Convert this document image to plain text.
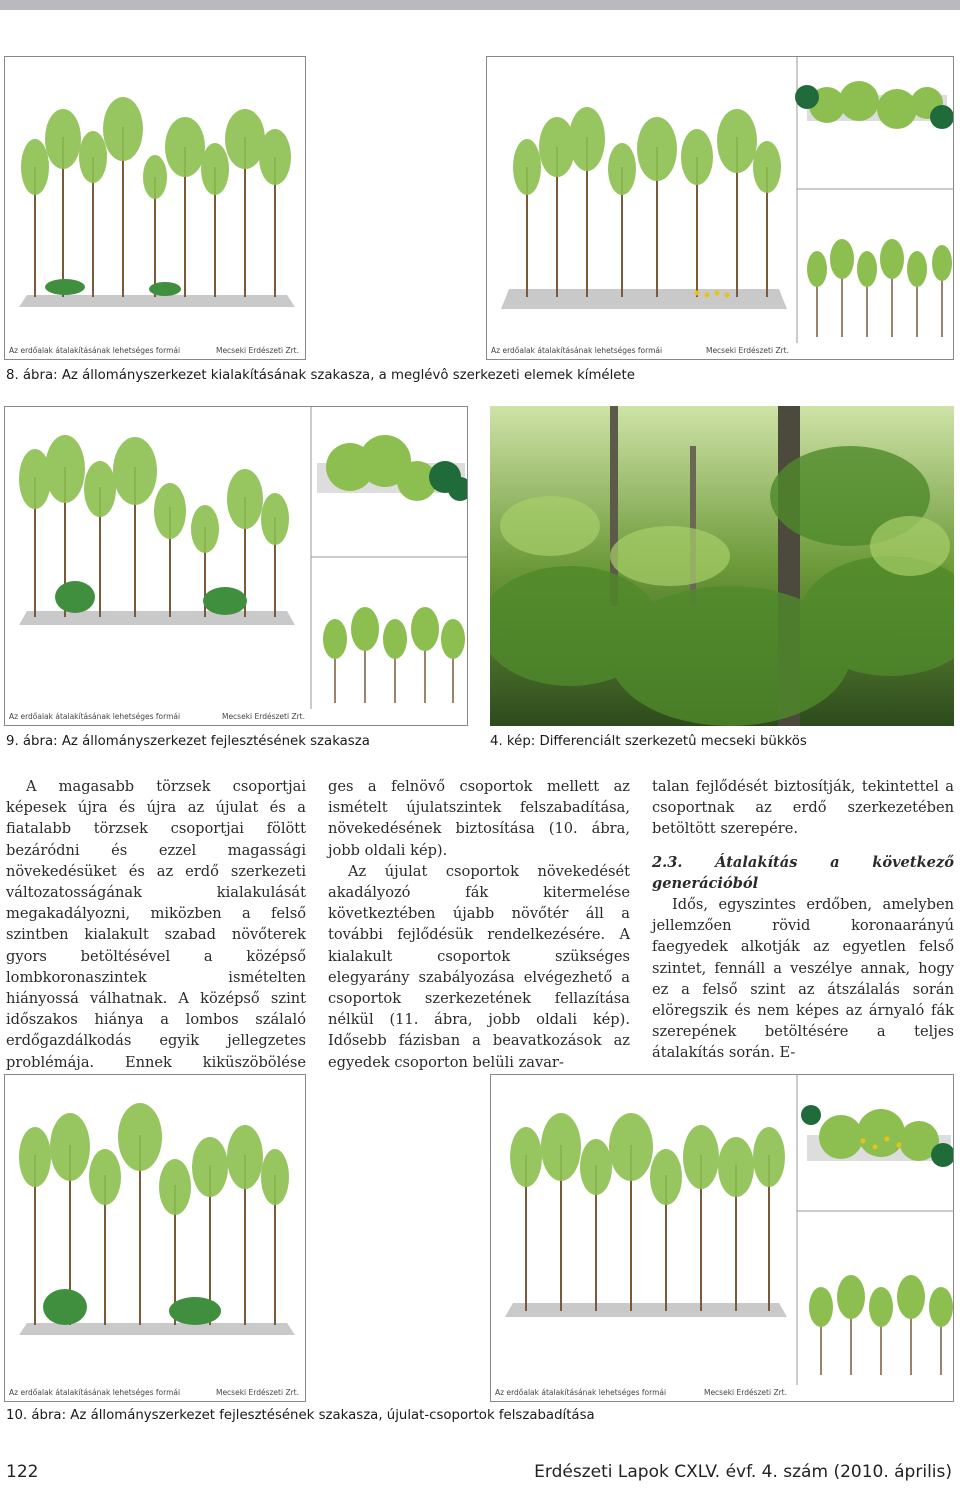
Az erdőalak átalakításának lehetséges formái	Mecseki Erdészeti Zrt.	Az erdőalak átalakításának lehetséges formái	Mecseki Erdészeti Zrt.
8. ábra: Az állományszerkezet kialakításának szakasza, a meglévô szerkezeti elemek kímélete
Az erdőalak átalakításának lehetséges formái	Mecseki Erdészeti Zrt.
9. ábra: Az állományszerkezet fejlesztésének szakasza	4. kép: Differenciált szerkezetû mecseki bükkös

A magasabb törzsek csoportjai képesek újra és újra az újulat és a fiatalabb törzsek csoportjai fölött bezáródni és ezzel magassági növekedésüket és az erdő szerkezeti változatosságának kialakulását megakadályozni, miközben a felső szintben kialakult szabad növőterek gyors betöltésével a középső lombkoronaszintek ismételten hiányossá válhatnak. A középső szint időszakos hiánya a lombos szálaló erdőgazdálkodás egyik jellegzetes problémája. Ennek kiküszöbölése

ges a felnövő csoportok mellett az ismételt újulatszintek felszabadítása, növekedésének biztosítása (10. ábra, jobb oldali kép).

Az újulat csoportok növekedését akadályozó fák kitermelése következtében újabb növőtér áll a további fejlődésük rendelkezésére. A kialakult csoportok szükséges elegyarány szabályozása elvégezhető a csoportok szerkezetének fellazítása nélkül (11. ábra, jobb oldali kép). Idősebb fázisban a beavatkozások az egyedek csoporton belüli zavar-

talan fejlődését biztosítják, tekintettel a csoportnak az erdő szerkezetében betöltött szerepére.

2.3. Átalakítás a következő generációból

Idős, egyszintes erdőben, amelyben jellemzően rövid koronaarányú faegyedek alkotják az egyetlen felső szintet, fennáll a veszélye annak, hogy ez a felső szint az átszálalás során elöregszik és nem képes az árnyaló fák szerepének betöltésére a teljes átalakítás során. E-

Az erdőalak átalakításának lehetséges formái	Mecseki Erdészeti Zrt.	Az erdőalak átalakításának lehetséges formái	Mecseki Erdészeti Zrt.
10. ábra: Az állományszerkezet fejlesztésének szakasza, újulat-csoportok felszabadítása
122	Erdészeti Lapok CXLV. évf. 4. szám (2010. április)
